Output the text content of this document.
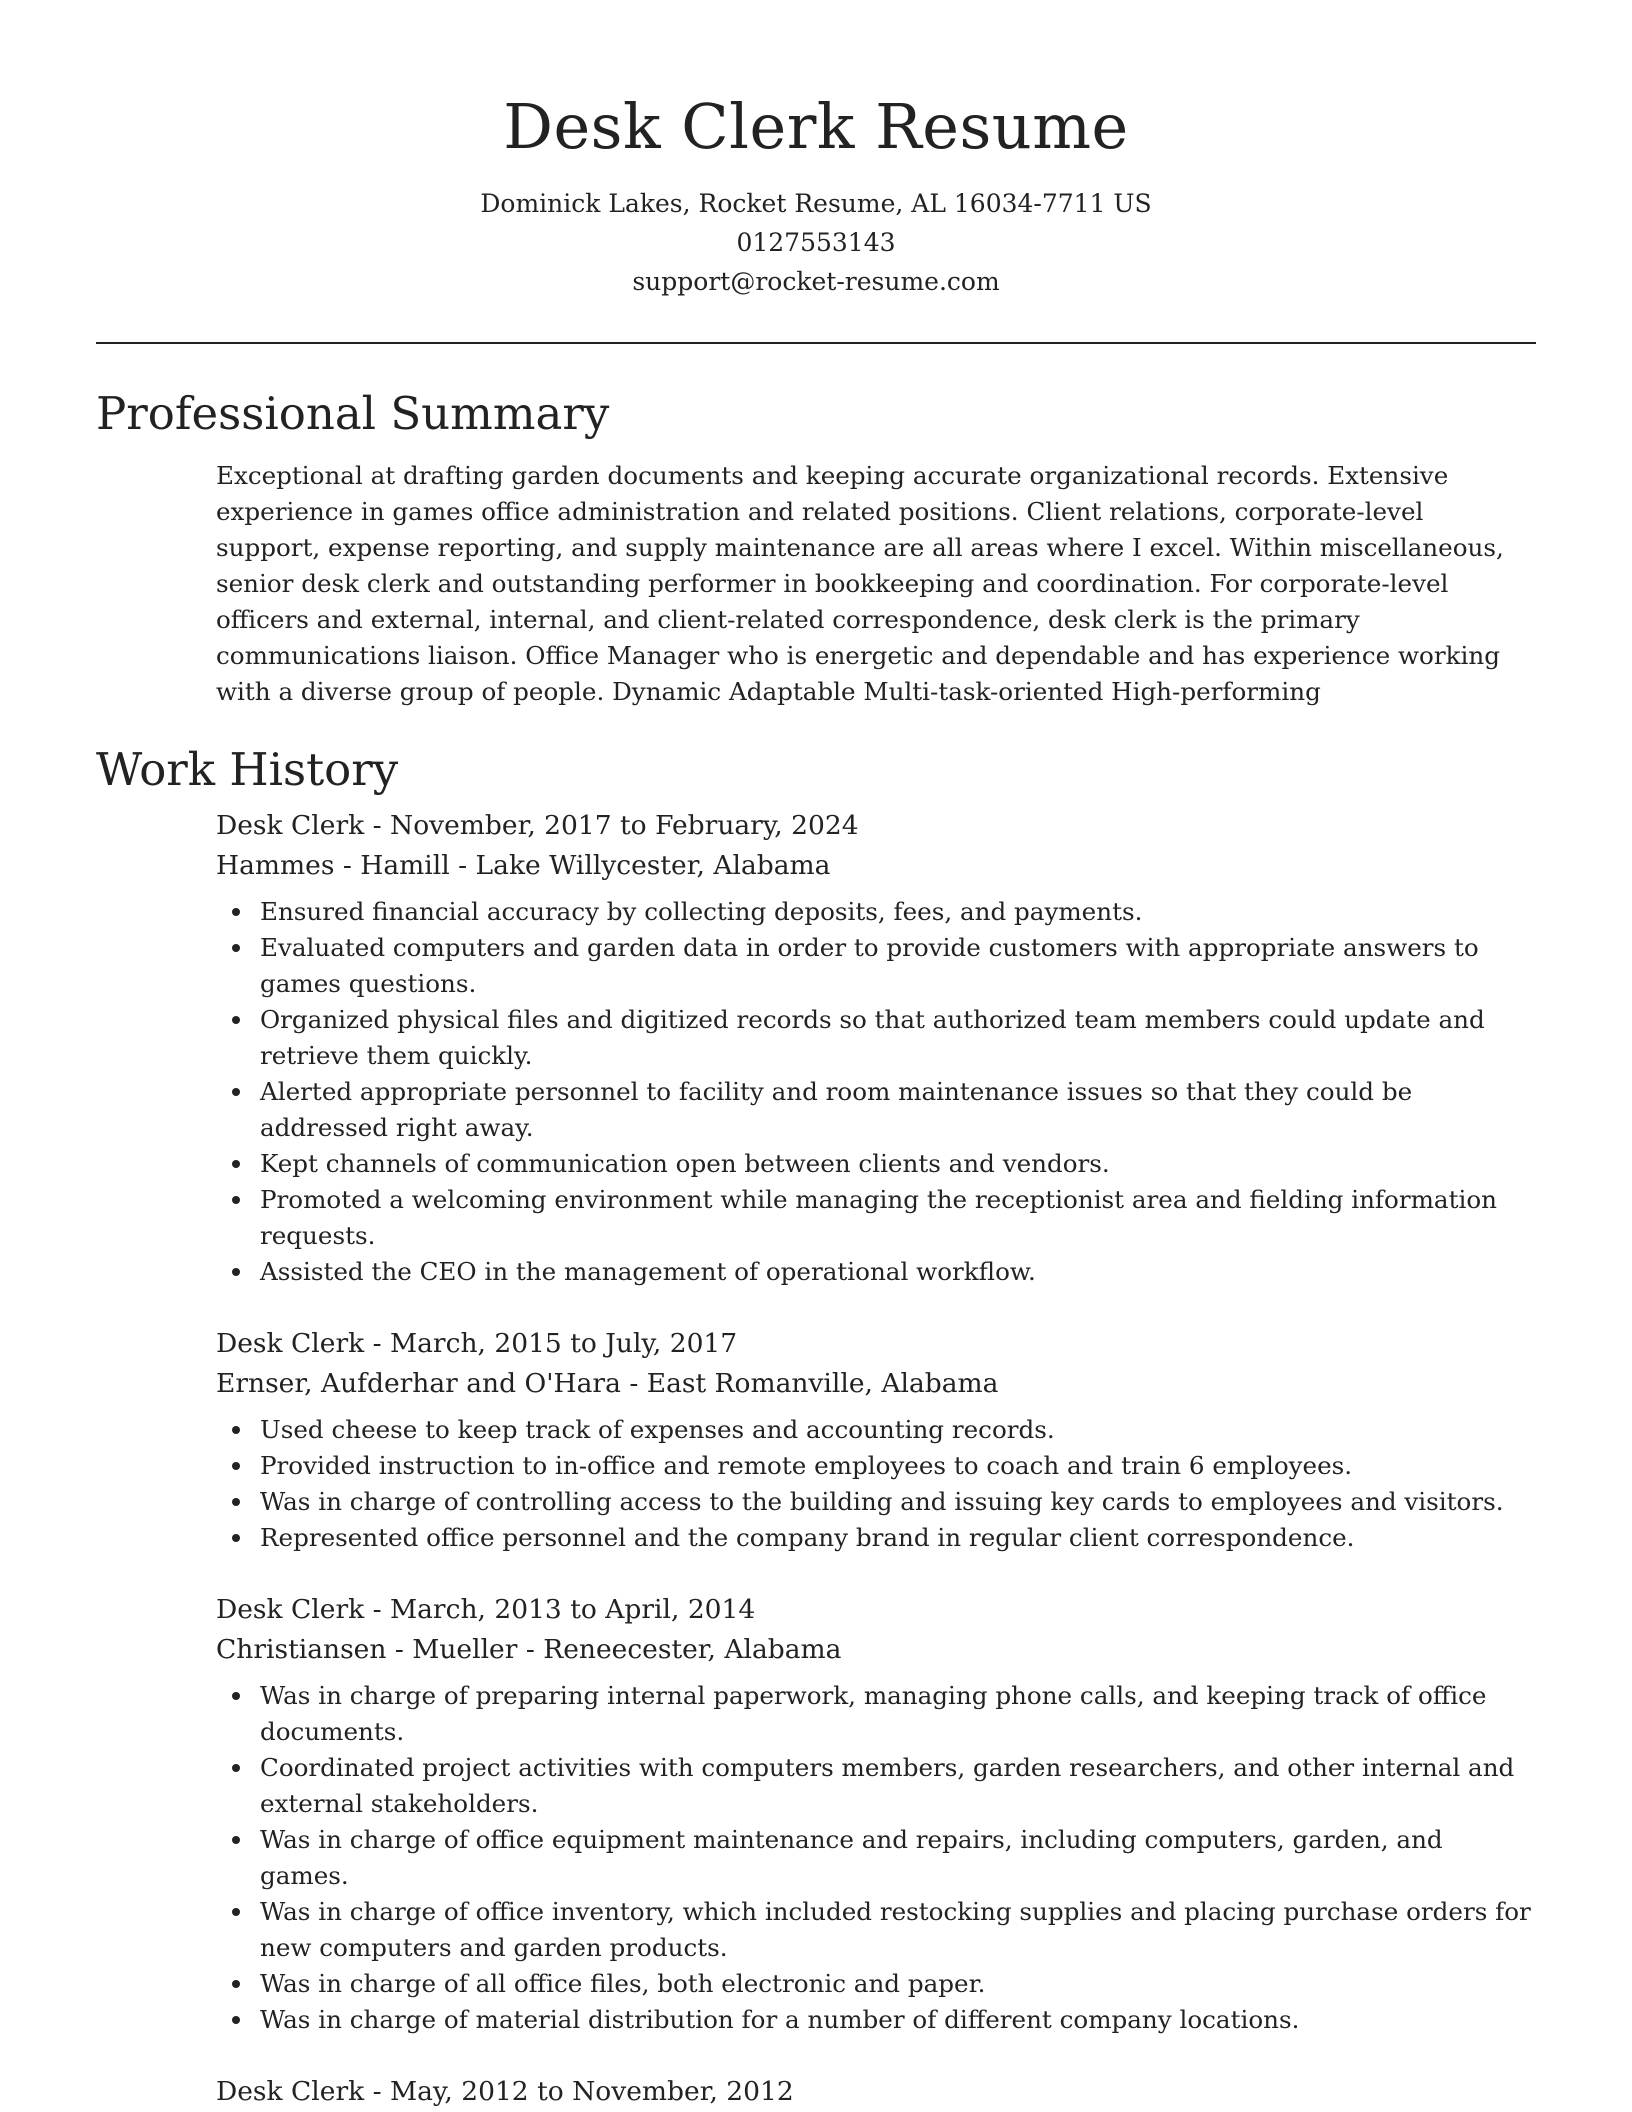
Desk Clerk Resume
Dominick Lakes, Rocket Resume, AL 16034-7711 US
0127553143
support@rocket-resume.com
Professional Summary

Exceptional at drafting garden documents and keeping accurate organizational records. Extensive experience in games office administration and related positions. Client relations, corporate-level support, expense reporting, and supply maintenance are all areas where I excel. Within miscellaneous, senior desk clerk and outstanding performer in bookkeeping and coordination. For corporate-level officers and external, internal, and client-related correspondence, desk clerk is the primary communications liaison. Office Manager who is energetic and dependable and has experience working with a diverse group of people. Dynamic Adaptable Multi-task-oriented High-performing

Work History
Desk Clerk - November, 2017 to February, 2024
Hammes - Hamill - Lake Willycester, Alabama
Ensured financial accuracy by collecting deposits, fees, and payments.
Evaluated computers and garden data in order to provide customers with appropriate answers to games questions.
Organized physical files and digitized records so that authorized team members could update and retrieve them quickly.
Alerted appropriate personnel to facility and room maintenance issues so that they could be addressed right away.
Kept channels of communication open between clients and vendors.
Promoted a welcoming environment while managing the receptionist area and fielding information requests.
Assisted the CEO in the management of operational workflow.
Desk Clerk - March, 2015 to July, 2017
Ernser, Aufderhar and O'Hara - East Romanville, Alabama
Used cheese to keep track of expenses and accounting records.
Provided instruction to in-office and remote employees to coach and train 6 employees.
Was in charge of controlling access to the building and issuing key cards to employees and visitors.
Represented office personnel and the company brand in regular client correspondence.
Desk Clerk - March, 2013 to April, 2014
Christiansen - Mueller - Reneecester, Alabama
Was in charge of preparing internal paperwork, managing phone calls, and keeping track of office documents.
Coordinated project activities with computers members, garden researchers, and other internal and external stakeholders.
Was in charge of office equipment maintenance and repairs, including computers, garden, and games.
Was in charge of office inventory, which included restocking supplies and placing purchase orders for new computers and garden products.
Was in charge of all office files, both electronic and paper.
Was in charge of material distribution for a number of different company locations.
Desk Clerk - May, 2012 to November, 2012
